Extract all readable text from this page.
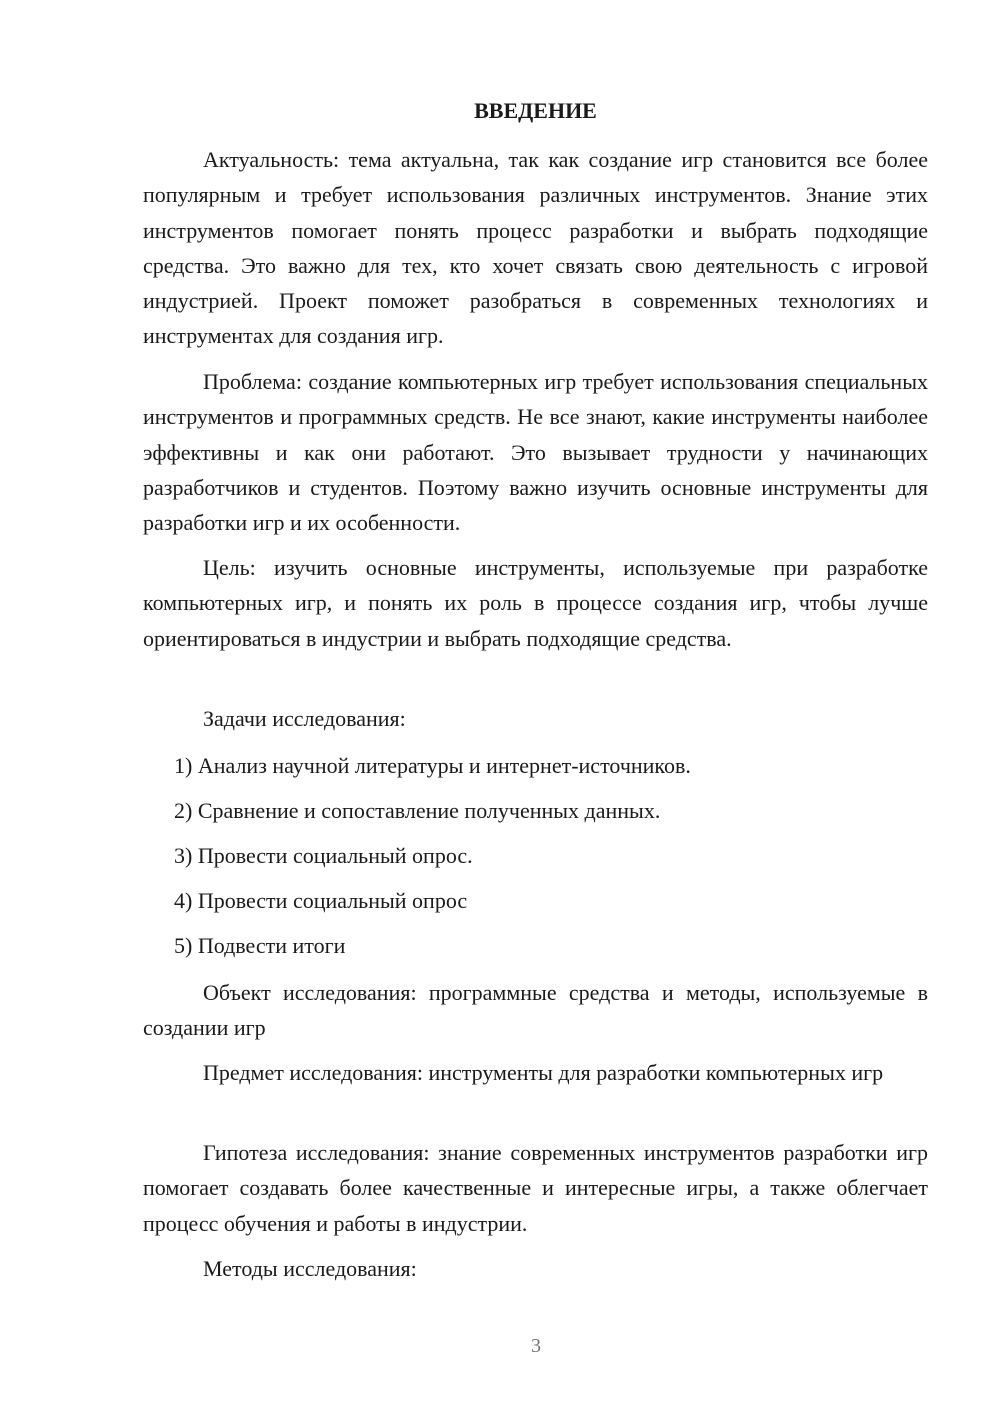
ВВЕДЕНИЕ

Актуальность: тема актуальна, так как создание игр становится все более популярным и требует использования различных инструментов. Знание этих инструментов помогает понять процесс разработки и выбрать подходящие средства. Это важно для тех, кто хочет связать свою деятельность с игровой индустрией. Проект поможет разобраться в современных технологиях и инструментах для создания игр.

Проблема: создание компьютерных игр требует использования специальных инструментов и программных средств. Не все знают, какие инструменты наиболее эффективны и как они работают. Это вызывает трудности у начинающих разработчиков и студентов. Поэтому важно изучить основные инструменты для разработки игр и их особенности.

Цель: изучить основные инструменты, используемые при разработке компьютерных игр, и понять их роль в процессе создания игр, чтобы лучше ориентироваться в индустрии и выбрать подходящие средства.

Задачи исследования:

1) Анализ научной литературы и интернет-источников.

2) Сравнение и сопоставление полученных данных.

3) Провести социальный опрос.

4) Провести социальный опрос

5) Подвести итоги

Объект исследования: программные средства и методы, используемые в создании игр

Предмет исследования: инструменты для разработки компьютерных игр

Гипотеза исследования: знание современных инструментов разработки игр помогает создавать более качественные и интересные игры, а также облегчает процесс обучения и работы в индустрии.

Методы исследования:

3
